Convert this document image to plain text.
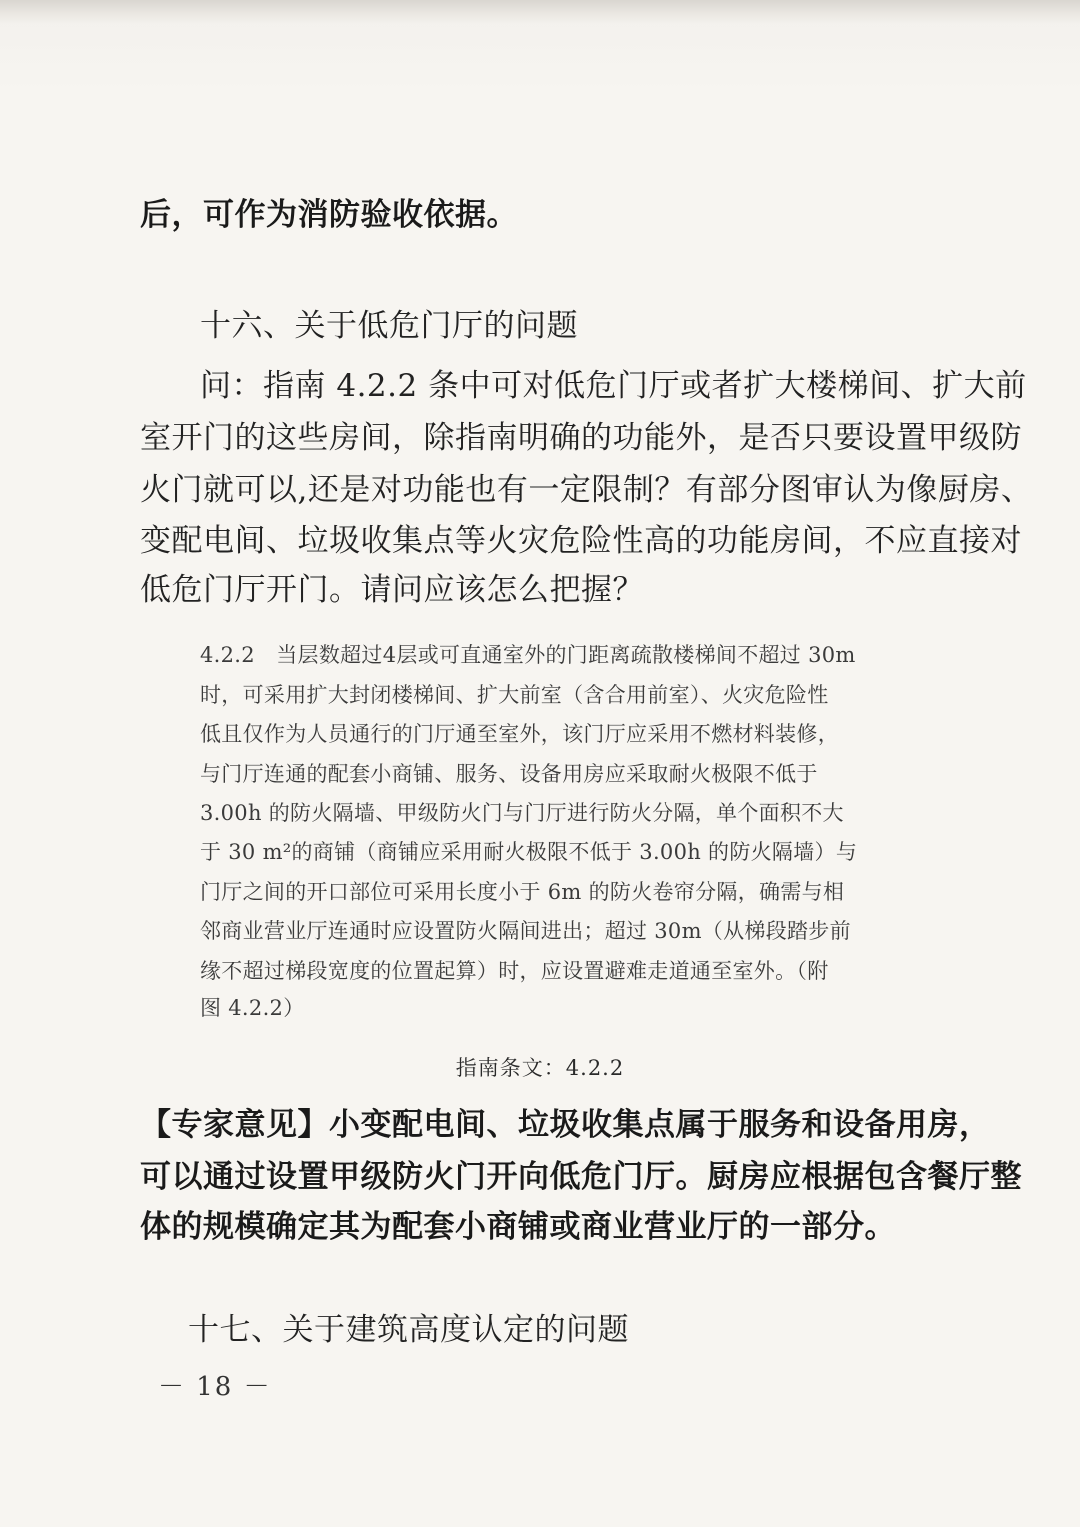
后，可作为消防验收依据。
十六、关于低危门厅的问题
问：指南 4.2.2 条中可对低危门厅或者扩大楼梯间、扩大前
室开门的这些房间，除指南明确的功能外，是否只要设置甲级防
火门就可以,还是对功能也有一定限制？有部分图审认为像厨房、
变配电间、垃圾收集点等火灾危险性高的功能房间，不应直接对
低危门厅开门。请问应该怎么把握？
4.2.2　当层数超过4层或可直通室外的门距离疏散楼梯间不超过 30m
时，可采用扩大封闭楼梯间、扩大前室（含合用前室）、火灾危险性
低且仅作为人员通行的门厅通至室外，该门厅应采用不燃材料装修，
与门厅连通的配套小商铺、服务、设备用房应采取耐火极限不低于
3.00h 的防火隔墙、甲级防火门与门厅进行防火分隔，单个面积不大
于 30 m²的商铺（商铺应采用耐火极限不低于 3.00h 的防火隔墙）与
门厅之间的开口部位可采用长度小于 6m 的防火卷帘分隔，确需与相
邻商业营业厅连通时应设置防火隔间进出；超过 30m（从梯段踏步前
缘不超过梯段宽度的位置起算）时，应设置避难走道通至室外。（附
图 4.2.2）
指南条文：4.2.2
【专家意见】小变配电间、垃圾收集点属于服务和设备用房，
可以通过设置甲级防火门开向低危门厅。厨房应根据包含餐厅整
体的规模确定其为配套小商铺或商业营业厅的一部分。
十七、关于建筑高度认定的问题
－ 18 －
